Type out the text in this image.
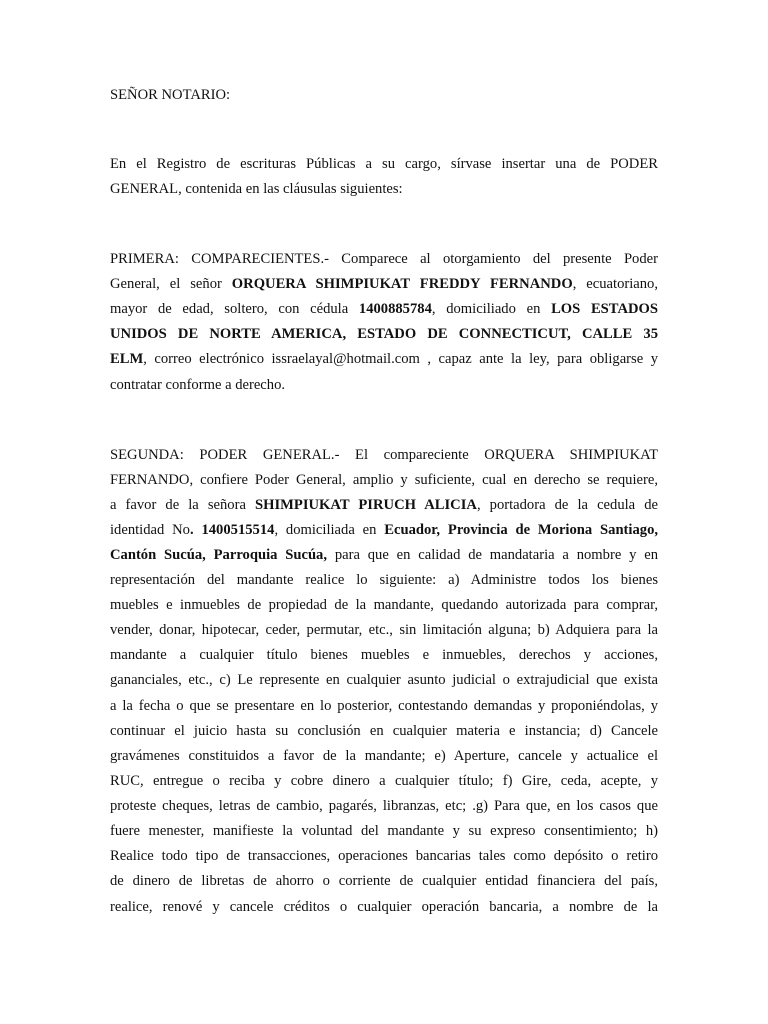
SEÑOR NOTARIO:
En el Registro de escrituras Públicas a su cargo, sírvase insertar una de PODER
GENERAL, contenida en las cláusulas siguientes:
PRIMERA: COMPARECIENTES.- Comparece al otorgamiento del presente Poder
General, el señor ORQUERA SHIMPIUKAT FREDDY FERNANDO, ecuatoriano,
mayor de edad, soltero, con cédula 1400885784, domiciliado en LOS ESTADOS
UNIDOS DE NORTE AMERICA, ESTADO DE CONNECTICUT, CALLE 35
ELM, correo electrónico issraelayal@hotmail.com , capaz ante la ley, para obligarse y
contratar conforme a derecho.
SEGUNDA: PODER GENERAL.- El compareciente ORQUERA SHIMPIUKAT
FERNANDO, confiere Poder General, amplio y suficiente, cual en derecho se requiere,
a favor de la señora SHIMPIUKAT PIRUCH ALICIA, portadora de la cedula de
identidad No. 1400515514, domiciliada en Ecuador, Provincia de Moriona Santiago,
Cantón Sucúa, Parroquia Sucúa, para que en calidad de mandataria a nombre y en
representación del mandante realice lo siguiente: a) Administre todos los bienes
muebles e inmuebles de propiedad de la mandante, quedando autorizada para comprar,
vender, donar, hipotecar, ceder, permutar, etc., sin limitación alguna; b) Adquiera para la
mandante a cualquier título bienes muebles e inmuebles, derechos y acciones,
gananciales, etc., c) Le represente en cualquier asunto judicial o extrajudicial que exista
a la fecha o que se presentare en lo posterior, contestando demandas y proponiéndolas, y
continuar el juicio hasta su conclusión en cualquier materia e instancia; d) Cancele
gravámenes constituidos a favor de la mandante; e) Aperture, cancele y actualice el
RUC, entregue o reciba y cobre dinero a cualquier título; f) Gire, ceda, acepte, y
proteste cheques, letras de cambio, pagarés, libranzas, etc; .g) Para que, en los casos que
fuere menester, manifieste la voluntad del mandante y su expreso consentimiento; h)
Realice todo tipo de transacciones, operaciones bancarias tales como depósito o retiro
de dinero de libretas de ahorro o corriente de cualquier entidad financiera del país,
realice, renové y cancele créditos o cualquier operación bancaria, a nombre de la
